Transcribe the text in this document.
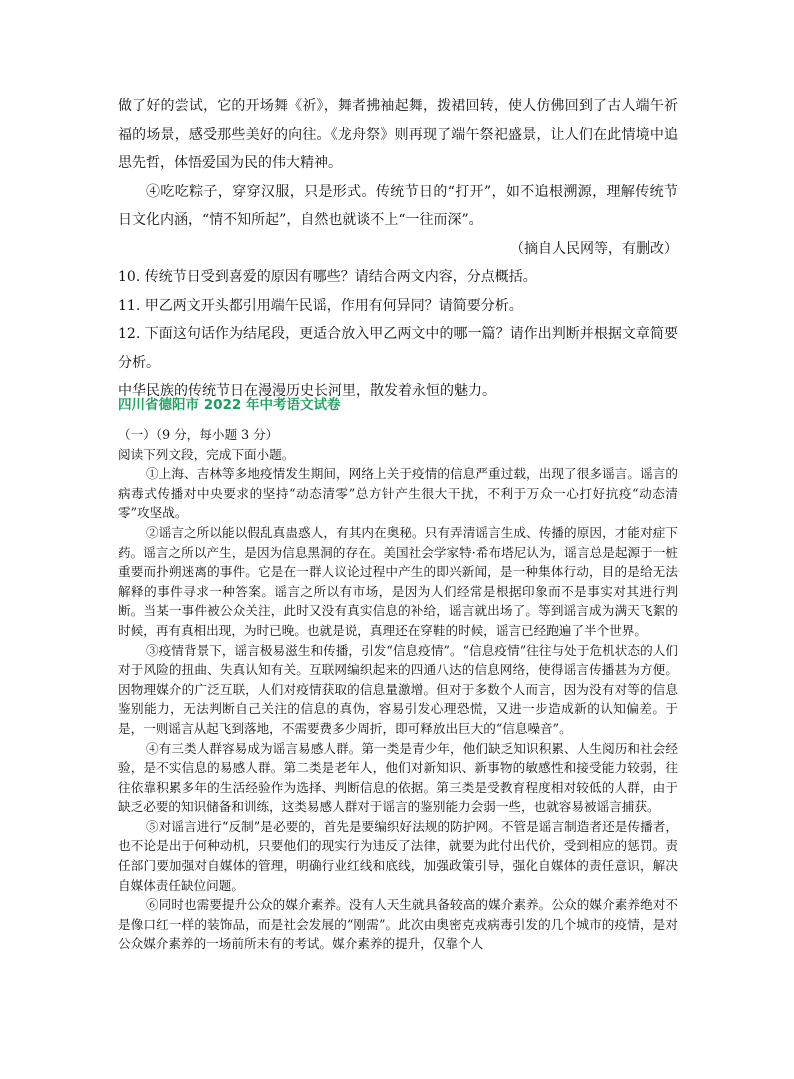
做了好的尝试，它的开场舞《祈》，舞者拂袖起舞，拨裙回转，使人仿佛回到了古人端午祈福的场景，感受那些美好的向往。《龙舟祭》则再现了端午祭祀盛景，让人们在此情境中追思先哲，体悟爱国为民的伟大精神。

④吃吃粽子，穿穿汉服，只是形式。传统节日的“打开”，如不追根溯源，理解传统节日文化内涵，“情不知所起”，自然也就谈不上“一往而深”。

（摘自人民网等，有删改）

10. 传统节日受到喜爱的原因有哪些？请结合两文内容，分点概括。

11. 甲乙两文开头都引用端午民谣，作用有何异同？请简要分析。

12. 下面这句话作为结尾段，更适合放入甲乙两文中的哪一篇？请作出判断并根据文章简要分析。

中华民族的传统节日在漫漫历史长河里，散发着永恒的魅力。

四川省德阳市 2022 年中考语文试卷

（一）（9 分，每小题 3 分）

阅读下列文段，完成下面小题。

①上海、吉林等多地疫情发生期间，网络上关于疫情的信息严重过载，出现了很多谣言。谣言的病毒式传播对中央要求的坚持“动态清零”总方针产生很大干扰，不利于万众一心打好抗疫“动态清零”攻坚战。

②谣言之所以能以假乱真蛊惑人，有其内在奥秘。只有弄清谣言生成、传播的原因，才能对症下药。谣言之所以产生，是因为信息黑洞的存在。美国社会学家特·希布塔尼认为，谣言总是起源于一桩重要而扑朔迷离的事件。它是在一群人议论过程中产生的即兴新闻，是一种集体行动，目的是给无法解释的事件寻求一种答案。谣言之所以有市场，是因为人们经常是根据印象而不是事实对其进行判断。当某一事件被公众关注，此时又没有真实信息的补给，谣言就出场了。等到谣言成为满天飞絮的时候，再有真相出现，为时已晚。也就是说，真理还在穿鞋的时候，谣言已经跑遍了半个世界。

③疫情背景下，谣言极易滋生和传播，引发“信息疫情”。“信息疫情”往往与处于危机状态的人们对于风险的扭曲、失真认知有关。互联网编织起来的四通八达的信息网络，使得谣言传播甚为方便。因物理媒介的广泛互联，人们对疫情获取的信息量激增。但对于多数个人而言，因为没有对等的信息鉴别能力，无法判断自己关注的信息的真伪，容易引发心理恐慌，又进一步造成新的认知偏差。于是，一则谣言从起飞到落地，不需要费多少周折，即可释放出巨大的“信息噪音”。

④有三类人群容易成为谣言易感人群。第一类是青少年，他们缺乏知识积累、人生阅历和社会经验，是不实信息的易感人群。第二类是老年人，他们对新知识、新事物的敏感性和接受能力较弱，往往依靠积累多年的生活经验作为选择、判断信息的依据。第三类是受教育程度相对较低的人群，由于缺乏必要的知识储备和训练，这类易感人群对于谣言的鉴别能力会弱一些，也就容易被谣言捕获。

⑤对谣言进行“反制”是必要的，首先是要编织好法规的防护网。不管是谣言制造者还是传播者，也不论是出于何种动机，只要他们的现实行为违反了法律，就要为此付出代价，受到相应的惩罚。责任部门要加强对自媒体的管理，明确行业红线和底线，加强政策引导，强化自媒体的责任意识，解决自媒体责任缺位问题。

⑥同时也需要提升公众的媒介素养。没有人天生就具备较高的媒介素养。公众的媒介素养绝对不是像口红一样的装饰品，而是社会发展的“刚需”。此次由奥密克戎病毒引发的几个城市的疫情，是对公众媒介素养的一场前所未有的考试。媒介素养的提升，仅靠个人
